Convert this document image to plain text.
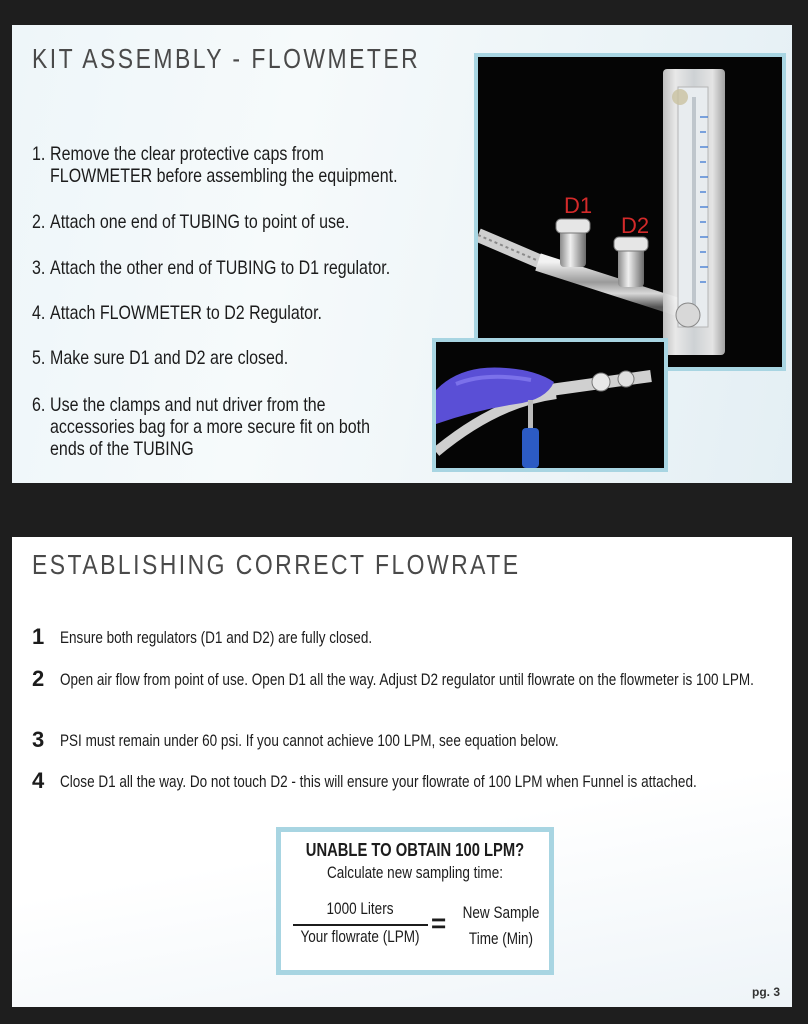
KIT ASSEMBLY - FLOWMETER
1. Remove the clear protective caps from
FLOWMETER before assembling the equipment.
2. Attach one end of TUBING to point of use.
3. Attach the other end of TUBING to D1 regulator.
4. Attach FLOWMETER to D2 Regulator.
5. Make sure D1 and D2 are closed.
6. Use the clamps and nut driver from the
accessories bag for a more secure fit on both
ends of the TUBING
D1
D2
ESTABLISHING CORRECT FLOWRATE
1 Ensure both regulators (D1 and D2) are fully closed.
2 Open air flow from point of use. Open D1 all the way. Adjust D2 regulator until flowrate on the flowmeter is 100 LPM.
3 PSI must remain under 60 psi. If you cannot achieve 100 LPM, see equation below.
4 Close D1 all the way. Do not touch D2 - this will ensure your flowrate of 100 LPM when Funnel is attached.
UNABLE TO OBTAIN 100 LPM?
Calculate new sampling time:
1000 Liters
Your flowrate (LPM) = New Sample
Time (Min)
pg. 3
